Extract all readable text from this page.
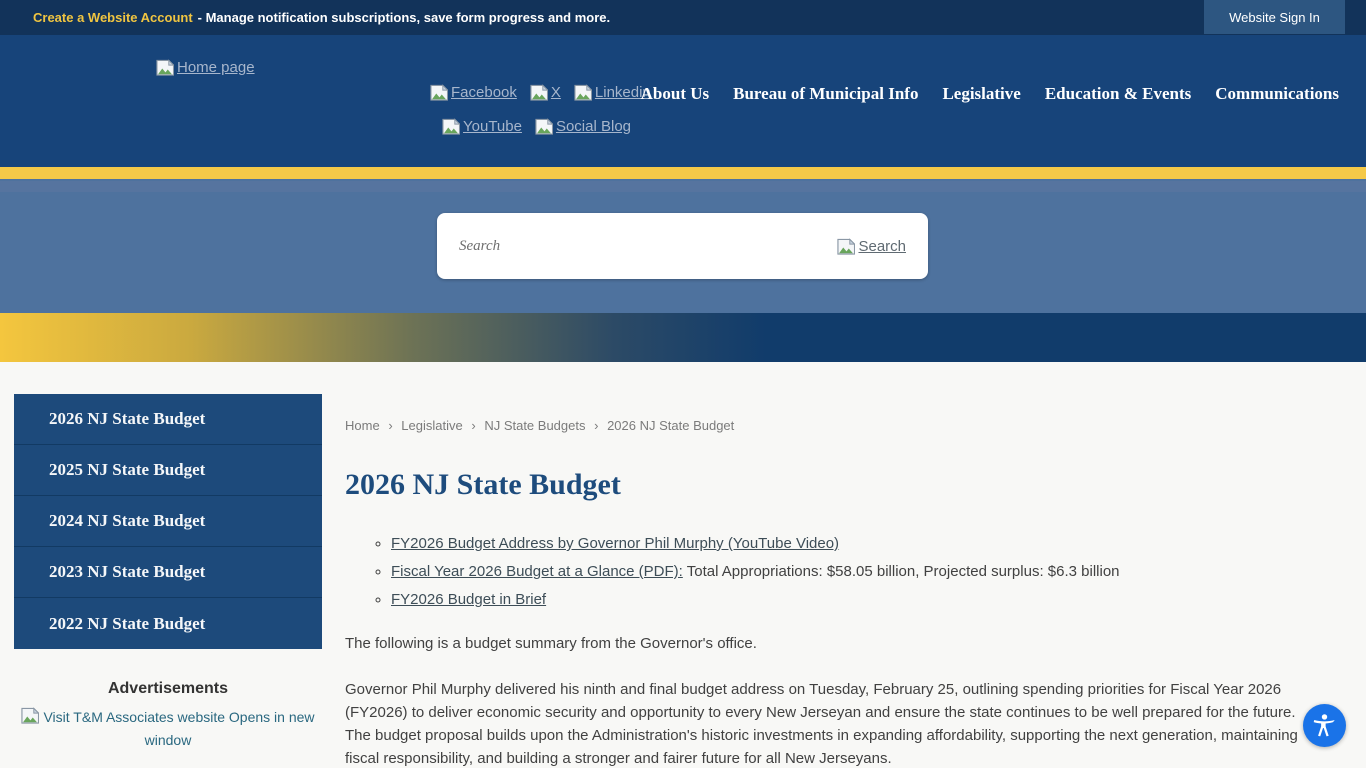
Create a Website Account - Manage notification subscriptions, save form progress and more.	Website Sign In
Home page
Facebook X Linkedin
YouTube Social Blog
About Us Bureau of Municipal Info Legislative Education & Events Communications
Search
Search
2026 NJ State Budget
2025 NJ State Budget
2024 NJ State Budget
2023 NJ State Budget
2022 NJ State Budget
Advertisements
Visit T&M Associates website Opens in new window
Home › Legislative › NJ State Budgets › 2026 NJ State Budget
2026 NJ State Budget
◦ FY2026 Budget Address by Governor Phil Murphy (YouTube Video)
◦ Fiscal Year 2026 Budget at a Glance (PDF): Total Appropriations: $58.05 billion, Projected surplus: $6.3 billion
◦ FY2026 Budget in Brief

The following is a budget summary from the Governor's office.

Governor Phil Murphy delivered his ninth and final budget address on Tuesday, February 25, outlining spending priorities for Fiscal Year 2026 (FY2026) to deliver economic security and opportunity to every New Jerseyan and ensure the state continues to be well prepared for the future. The budget proposal builds upon the Administration's historic investments in expanding affordability, supporting the next generation, maintaining fiscal responsibility, and building a stronger and fairer future for all New Jerseyans.
